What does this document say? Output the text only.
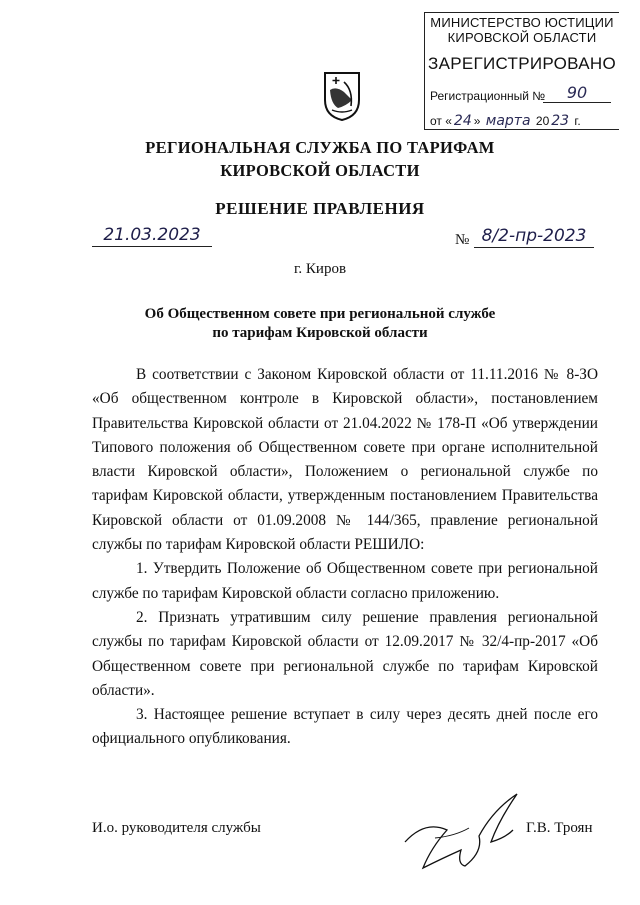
МИНИСТЕРСТВО ЮСТИЦИИ
КИРОВСКОЙ ОБЛАСТИ
ЗАРЕГИСТРИРОВАНО
Регистрационный №	90
от « 24 » марта 20 23 г.
РЕГИОНАЛЬНАЯ СЛУЖБА ПО ТАРИФАМ
КИРОВСКОЙ ОБЛАСТИ
РЕШЕНИЕ ПРАВЛЕНИЯ
21.03.2023	№ 8/2-пр-2023
г. Киров
Об Общественном совете при региональной службе
по тарифам Кировской области

В соответствии с Законом Кировской области от 11.11.2016 № 8-ЗО «Об общественном контроле в Кировской области», постановлением Правительства Кировской области от 21.04.2022 № 178-П «Об утверждении Типового положения об Общественном совете при органе исполнительной власти Кировской области», Положением о региональной службе по тарифам Кировской области, утвержденным постановлением Правительства Кировской области от 01.09.2008 № 144/365, правление региональной службы по тарифам Кировской области РЕШИЛО:

1. Утвердить Положение об Общественном совете при региональной службе по тарифам Кировской области согласно приложению.

2. Признать утратившим силу решение правления региональной службы по тарифам Кировской области от 12.09.2017 № 32/4-пр-2017 «Об Общественном совете при региональной службе по тарифам Кировской области».

3. Настоящее решение вступает в силу через десять дней после его официального опубликования.

И.о. руководителя службы	Г.В. Троян
